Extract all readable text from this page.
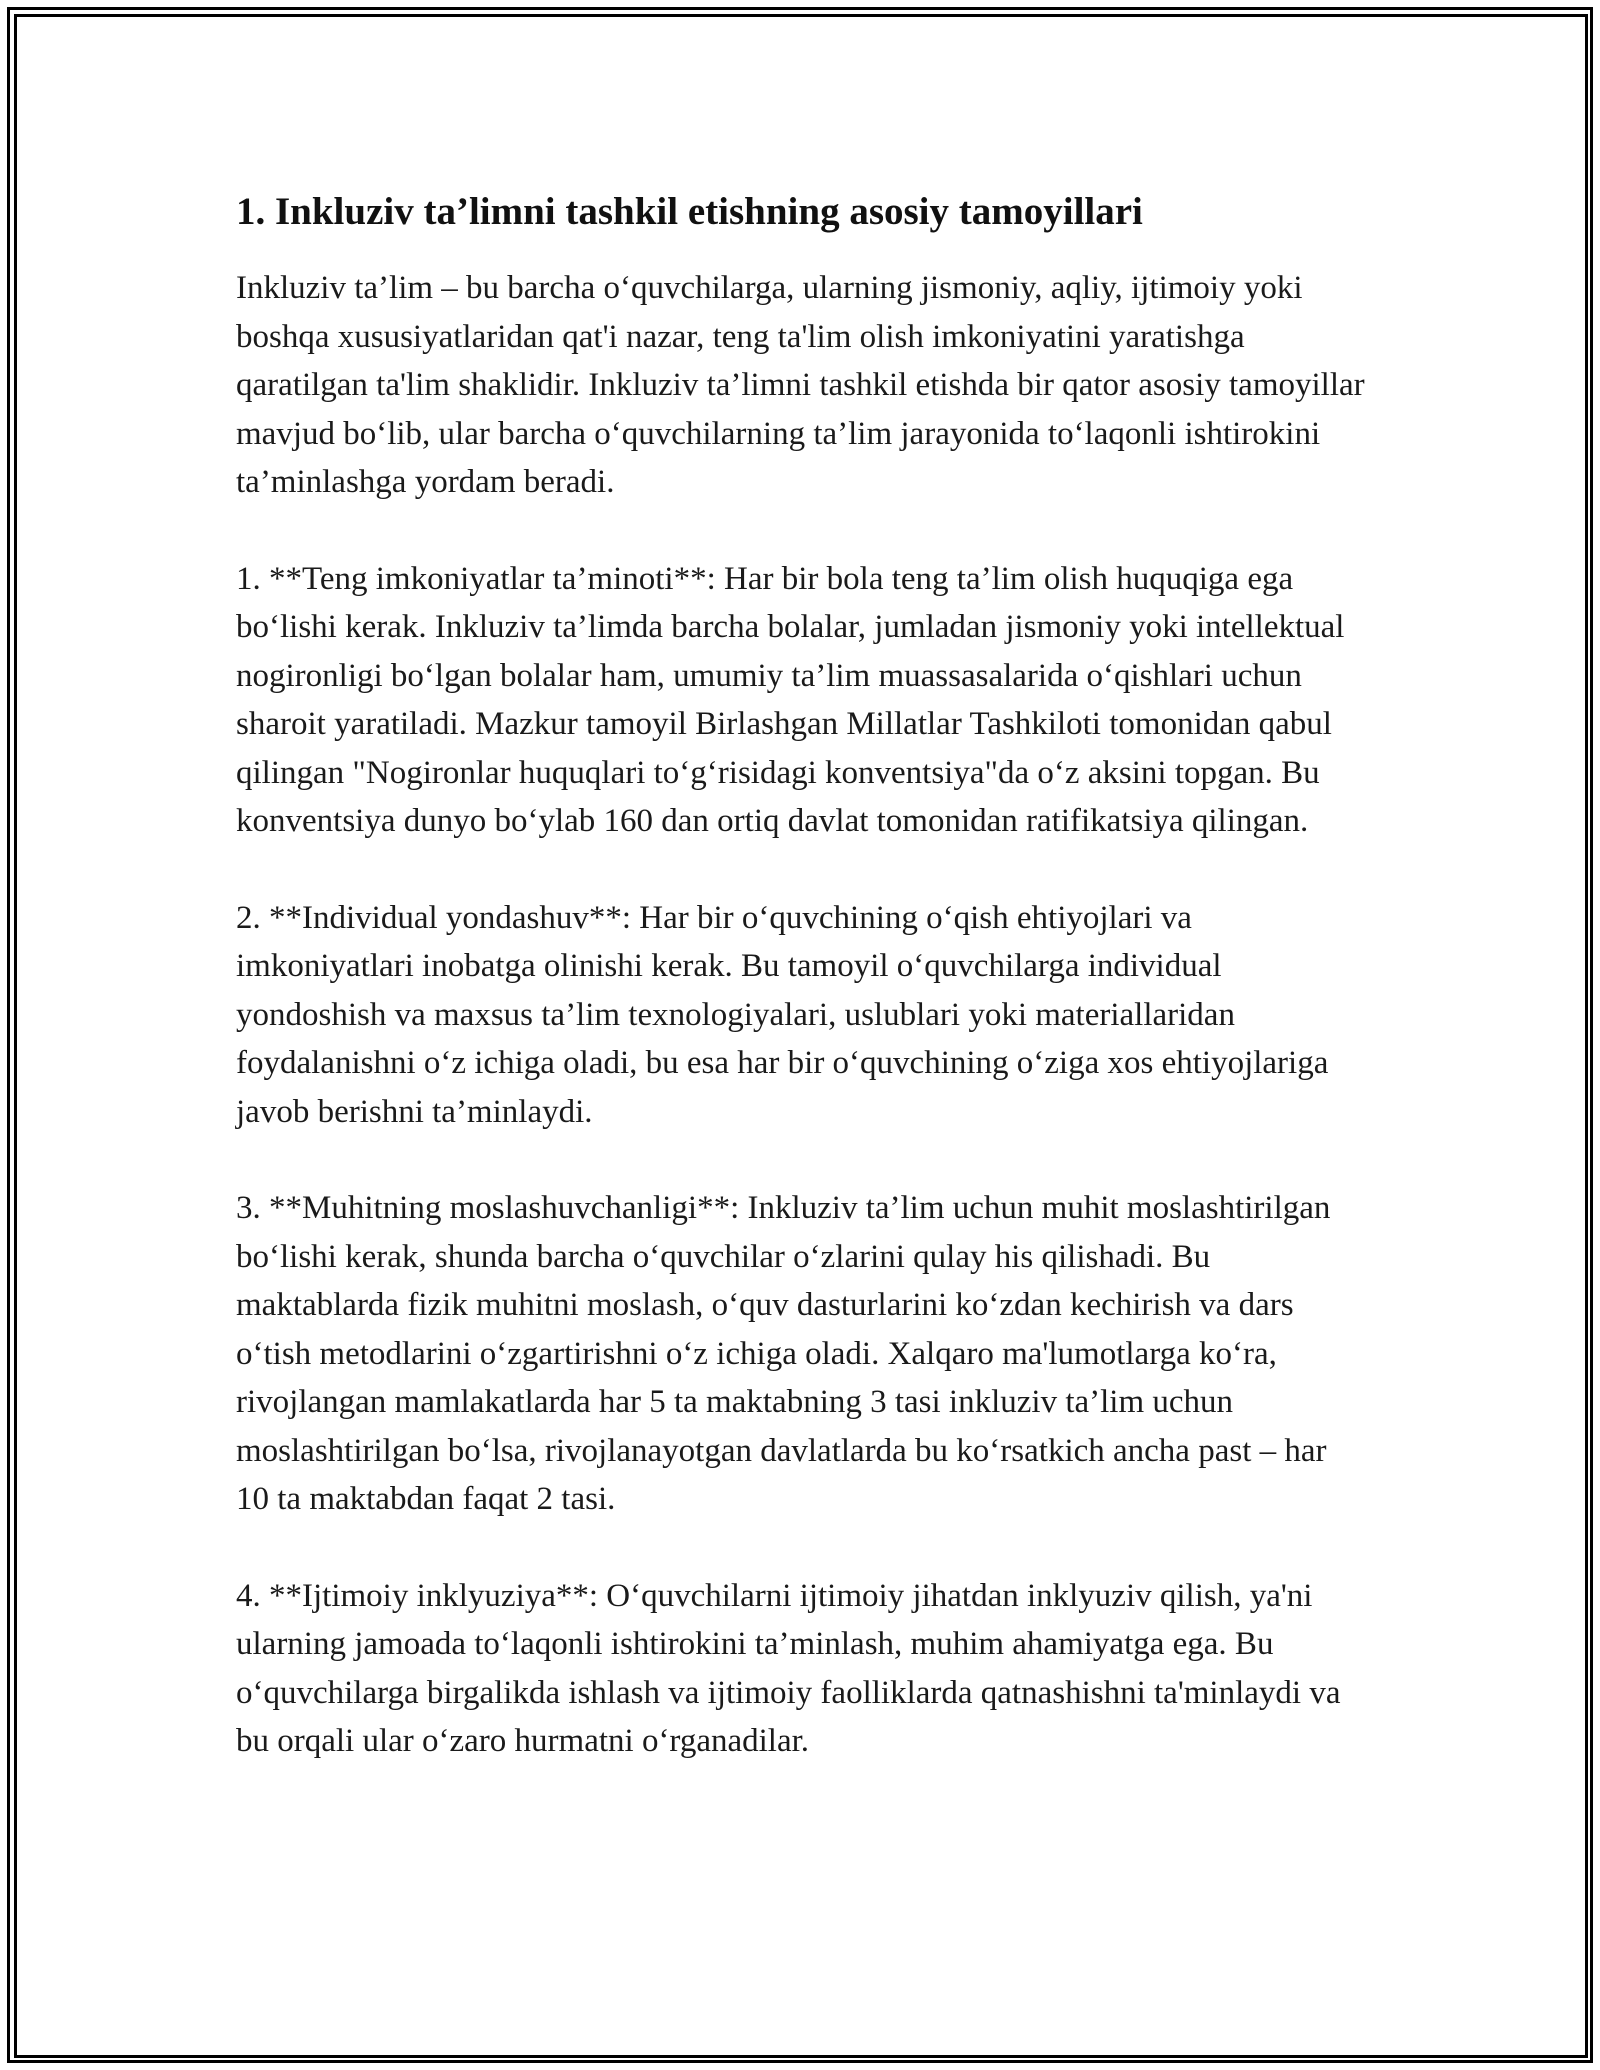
1. Inkluziv ta’limni tashkil etishning asosiy tamoyillari

Inkluziv ta’lim – bu barcha o‘quvchilarga, ularning jismoniy, aqliy, ijtimoiy yoki boshqa xususiyatlaridan qat'i nazar, teng ta'lim olish imkoniyatini yaratishga qaratilgan ta'lim shaklidir. Inkluziv ta’limni tashkil etishda bir qator asosiy tamoyillar mavjud bo‘lib, ular barcha o‘quvchilarning ta’lim jarayonida to‘laqonli ishtirokini ta’minlashga yordam beradi.

1. **Teng imkoniyatlar ta’minoti**: Har bir bola teng ta’lim olish huquqiga ega bo‘lishi kerak. Inkluziv ta’limda barcha bolalar, jumladan jismoniy yoki intellektual nogironligi bo‘lgan bolalar ham, umumiy ta’lim muassasalarida o‘qishlari uchun sharoit yaratiladi. Mazkur tamoyil Birlashgan Millatlar Tashkiloti tomonidan qabul qilingan "Nogironlar huquqlari to‘g‘risidagi konventsiya"da o‘z aksini topgan. Bu konventsiya dunyo bo‘ylab 160 dan ortiq davlat tomonidan ratifikatsiya qilingan.

2. **Individual yondashuv**: Har bir o‘quvchining o‘qish ehtiyojlari va imkoniyatlari inobatga olinishi kerak. Bu tamoyil o‘quvchilarga individual yondoshish va maxsus ta’lim texnologiyalari, uslublari yoki materiallaridan foydalanishni o‘z ichiga oladi, bu esa har bir o‘quvchining o‘ziga xos ehtiyojlariga javob berishni ta’minlaydi.

3. **Muhitning moslashuvchanligi**: Inkluziv ta’lim uchun muhit moslashtirilgan bo‘lishi kerak, shunda barcha o‘quvchilar o‘zlarini qulay his qilishadi. Bu maktablarda fizik muhitni moslash, o‘quv dasturlarini ko‘zdan kechirish va dars o‘tish metodlarini o‘zgartirishni o‘z ichiga oladi. Xalqaro ma'lumotlarga ko‘ra, rivojlangan mamlakatlarda har 5 ta maktabning 3 tasi inkluziv ta’lim uchun moslashtirilgan bo‘lsa, rivojlanayotgan davlatlarda bu ko‘rsatkich ancha past – har 10 ta maktabdan faqat 2 tasi.

4. **Ijtimoiy inklyuziya**: O‘quvchilarni ijtimoiy jihatdan inklyuziv qilish, ya'ni ularning jamoada to‘laqonli ishtirokini ta’minlash, muhim ahamiyatga ega. Bu o‘quvchilarga birgalikda ishlash va ijtimoiy faolliklarda qatnashishni ta'minlaydi va bu orqali ular o‘zaro hurmatni o‘rganadilar.
